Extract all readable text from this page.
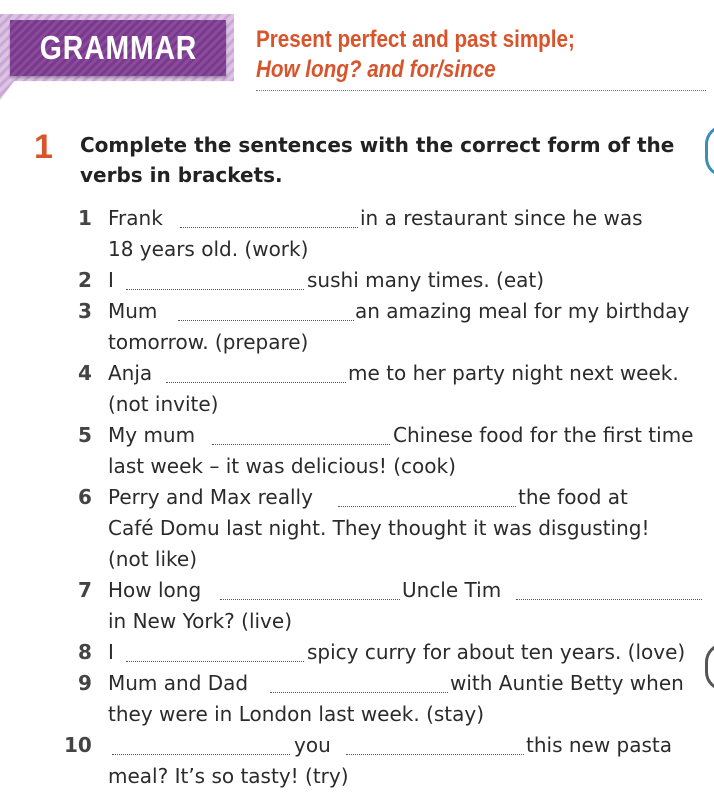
GRAMMAR Present perfect and past simple;
How long? and for/since
1 Complete the sentences with the correct form of the
verbs in brackets.
1 Frank	in a restaurant since he was
18 years old. (work)
2 I	sushi many times. (eat)
3 Mum	an amazing meal for my birthday
tomorrow. (prepare)
4 Anja	me to her party night next week.
(not invite)
5 My mum	Chinese food for the first time
last week – it was delicious! (cook)
6 Perry and Max really	the food at
Café Domu last night. They thought it was disgusting!
(not like)
7 How long	Uncle Tim
in New York? (live)
8 I	spicy curry for about ten years. (love)
9 Mum and Dad	with Auntie Betty when
they were in London last week. (stay)
10	you	this new pasta
meal? It’s so tasty! (try)
